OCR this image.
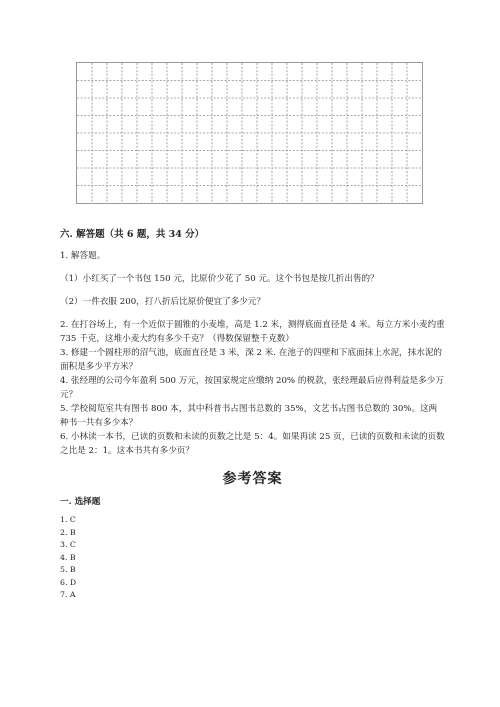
六. 解答题（共 6 题，共 34 分）

1. 解答题。

（1）小红买了一个书包 150 元，比原价少花了 50 元。这个书包是按几折出售的？

（2）一件衣服 200，打八折后比原价便宜了多少元？

2. 在打谷场上，有一个近似于圆锥的小麦堆，高是 1.2 米，测得底面直径是 4 米。每立方米小麦约重 735 千克，这堆小麦大约有多少千克？（得数保留整千克数）

3. 修建一个圆柱形的沼气池，底面直径是 3 米，深 2 米. 在池子的四壁和下底面抹上水泥，抹水泥的面积是多少平方米？

4. 张经理的公司今年盈利 500 万元，按国家规定应缴纳 20% 的税款，张经理最后应得利益是多少万元？

5. 学校阅览室共有图书 800 本，其中科普书占图书总数的 35%，文艺书占图书总数的 30%。这两种书一共有多少本？

6. 小林读一本书，已读的页数和未读的页数之比是 5：4。如果再读 25 页，已读的页数和未读的页数之比是 2：1。这本书共有多少页？

参考答案

一. 选择题

1. C
2. B
3. C
4. B
5. B
6. D
7. A
